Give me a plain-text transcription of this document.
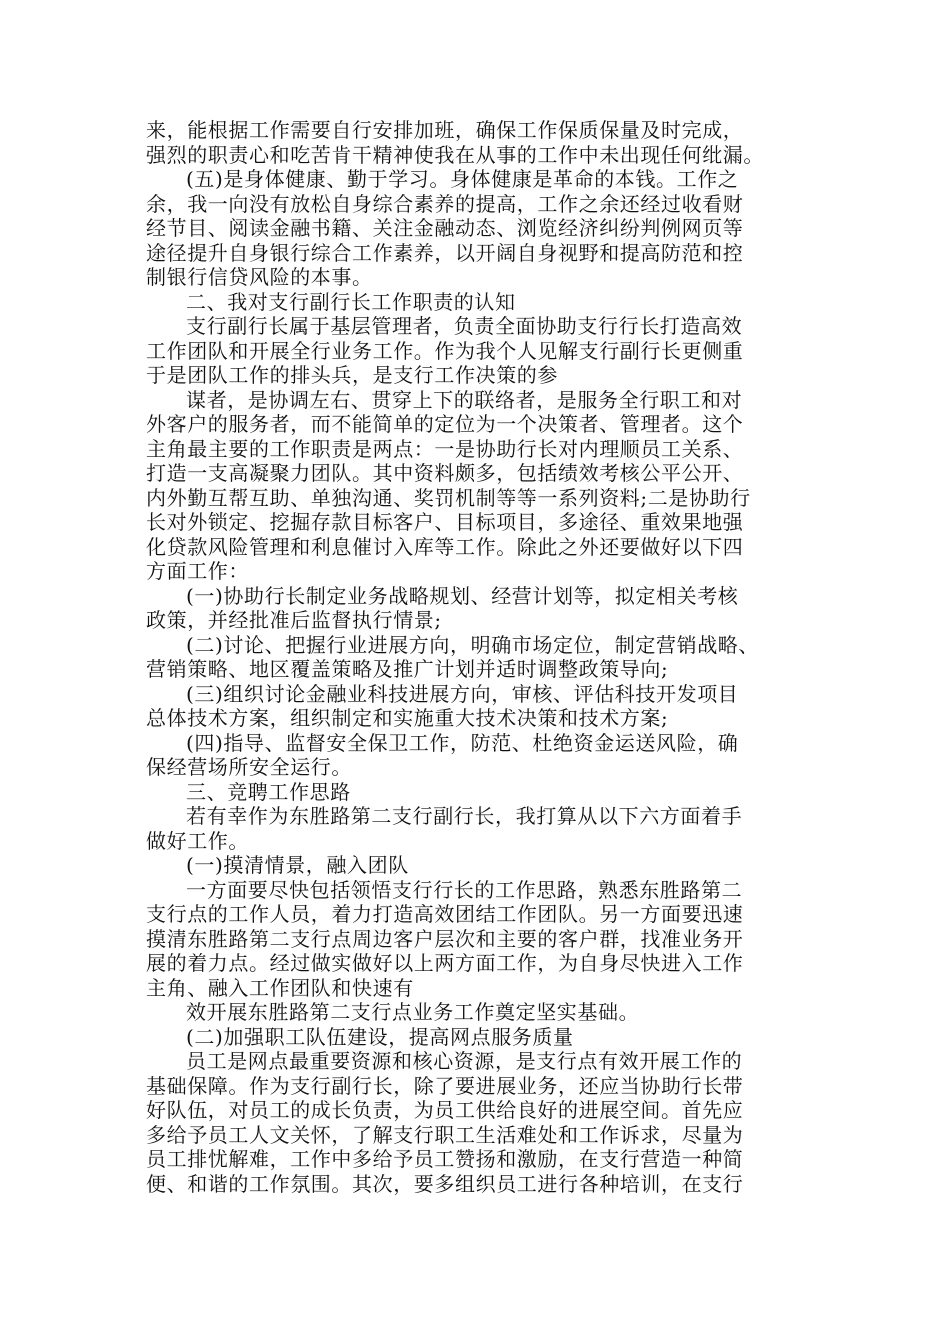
来，能根据工作需要自行安排加班，确保工作保质保量及时完成，
强烈的职责心和吃苦肯干精神使我在从事的工作中未出现任何纰漏。
(五)是身体健康、勤于学习。身体健康是革命的本钱。工作之
余，我一向没有放松自身综合素养的提高，工作之余还经过收看财
经节目、阅读金融书籍、关注金融动态、浏览经济纠纷判例网页等
途径提升自身银行综合工作素养，以开阔自身视野和提高防范和控
制银行信贷风险的本事。
二、我对支行副行长工作职责的认知
支行副行长属于基层管理者，负责全面协助支行行长打造高效
工作团队和开展全行业务工作。作为我个人见解支行副行长更侧重
于是团队工作的排头兵，是支行工作决策的参
谋者，是协调左右、贯穿上下的联络者，是服务全行职工和对
外客户的服务者，而不能简单的定位为一个决策者、管理者。这个
主角最主要的工作职责是两点：一是协助行长对内理顺员工关系、
打造一支高凝聚力团队。其中资料颇多，包括绩效考核公平公开、
内外勤互帮互助、单独沟通、奖罚机制等等一系列资料;二是协助行
长对外锁定、挖掘存款目标客户、目标项目，多途径、重效果地强
化贷款风险管理和利息催讨入库等工作。除此之外还要做好以下四
方面工作：
(一)协助行长制定业务战略规划、经营计划等，拟定相关考核
政策，并经批准后监督执行情景;
(二)讨论、把握行业进展方向，明确市场定位，制定营销战略、
营销策略、地区覆盖策略及推广计划并适时调整政策导向;
(三)组织讨论金融业科技进展方向，审核、评估科技开发项目
总体技术方案，组织制定和实施重大技术决策和技术方案;
(四)指导、监督安全保卫工作，防范、杜绝资金运送风险，确
保经营场所安全运行。
三、竞聘工作思路
若有幸作为东胜路第二支行副行长，我打算从以下六方面着手
做好工作。
(一)摸清情景，融入团队
一方面要尽快包括领悟支行行长的工作思路，熟悉东胜路第二
支行点的工作人员，着力打造高效团结工作团队。另一方面要迅速
摸清东胜路第二支行点周边客户层次和主要的客户群，找准业务开
展的着力点。经过做实做好以上两方面工作，为自身尽快进入工作
主角、融入工作团队和快速有
效开展东胜路第二支行点业务工作奠定坚实基础。
(二)加强职工队伍建设，提高网点服务质量
员工是网点最重要资源和核心资源，是支行点有效开展工作的
基础保障。作为支行副行长，除了要进展业务，还应当协助行长带
好队伍，对员工的成长负责，为员工供给良好的进展空间。首先应
多给予员工人文关怀，了解支行职工生活难处和工作诉求，尽量为
员工排忧解难，工作中多给予员工赞扬和激励，在支行营造一种简
便、和谐的工作氛围。其次，要多组织员工进行各种培训，在支行
